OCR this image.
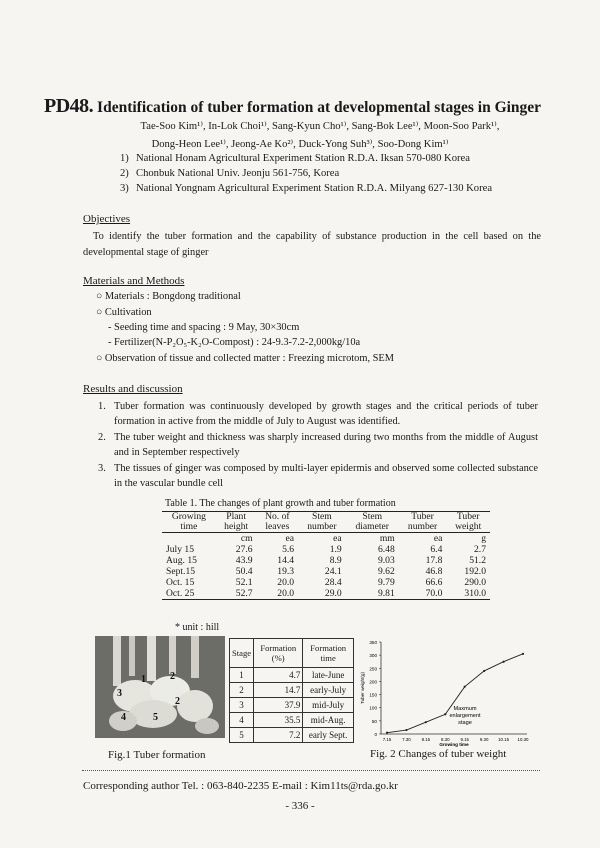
PD48. Identification of tuber formation at developmental stages in Ginger
Tae-Soo Kim¹⁾, In-Lok Choi¹⁾, Sang-Kyun Cho¹⁾, Sang-Bok Lee¹⁾, Moon-Soo Park¹⁾,
Dong-Heon Lee¹⁾, Jeong-Ae Ko²⁾, Duck-Yong Suh³⁾, Soo-Dong Kim¹⁾
1) National Honam Agricultural Experiment Station R.D.A. Iksan 570-080 Korea
2) Chonbuk National Univ. Jeonju 561-756, Korea
3) National Yongnam Agricultural Experiment Station R.D.A. Milyang 627-130 Korea
Objectives
To identify the tuber formation and the capability of substance production in the cell based on the developmental stage of ginger
Materials and Methods
○ Materials : Bongdong traditional
○ Cultivation
- Seeding time and spacing : 9 May, 30×30cm
- Fertilizer(N-P₂O₅-K₂O-Compost) : 24-9.3-7.2-2,000kg/10a
○ Observation of tissue and collected matter : Freezing microtom, SEM
Results and discussion
1. Tuber formation was continuously developed by growth stages and the critical periods of tuber formation in active from the middle of July to August was identified.
2. The tuber weight and thickness was sharply increased during two months from the middle of August and in September respectively
3. The tissues of ginger was composed by multi-layer epidermis and observed some collected substance in the vascular bundle cell
Table 1. The changes of plant growth and tuber formation
Growing	Plant	No. of	Stem	Stem	Tuber	Tuber
time	height	leaves	number	diameter	number	weight
	cm	ea	ea	mm	ea	g
July 15	27.6	5.6	1.9	6.48	6.4	2.7
Aug. 15	43.9	14.4	8.9	9.03	17.8	51.2
Sept.15	50.4	19.3	24.1	9.62	46.8	192.0
Oct. 15	52.1	20.0	28.4	9.79	66.6	290.0
Oct. 25	52.7	20.0	29.0	9.81	70.0	310.0
* unit : hill
1 2
2
3
4	5
Fig.1 Tuber formation
Stage	Formation (%)	Formation time
1	4.7	late-June
2	14.7	early-July
3	37.9	mid-July
4	35.5	mid-Aug.
5	7.2	early Sept.	0
50
100
150
200
250
300
350
7.15 7.30 8.15 8.30 9.15 9.30 10.15 10.30
Growing time
Tuber weight(g)
Maxmum
enlargement
stage
Fig. 2 Changes of tuber weight
Corresponding author Tel. : 063-840-2235 E-mail : Kim11ts@rda.go.kr
- 336 -
